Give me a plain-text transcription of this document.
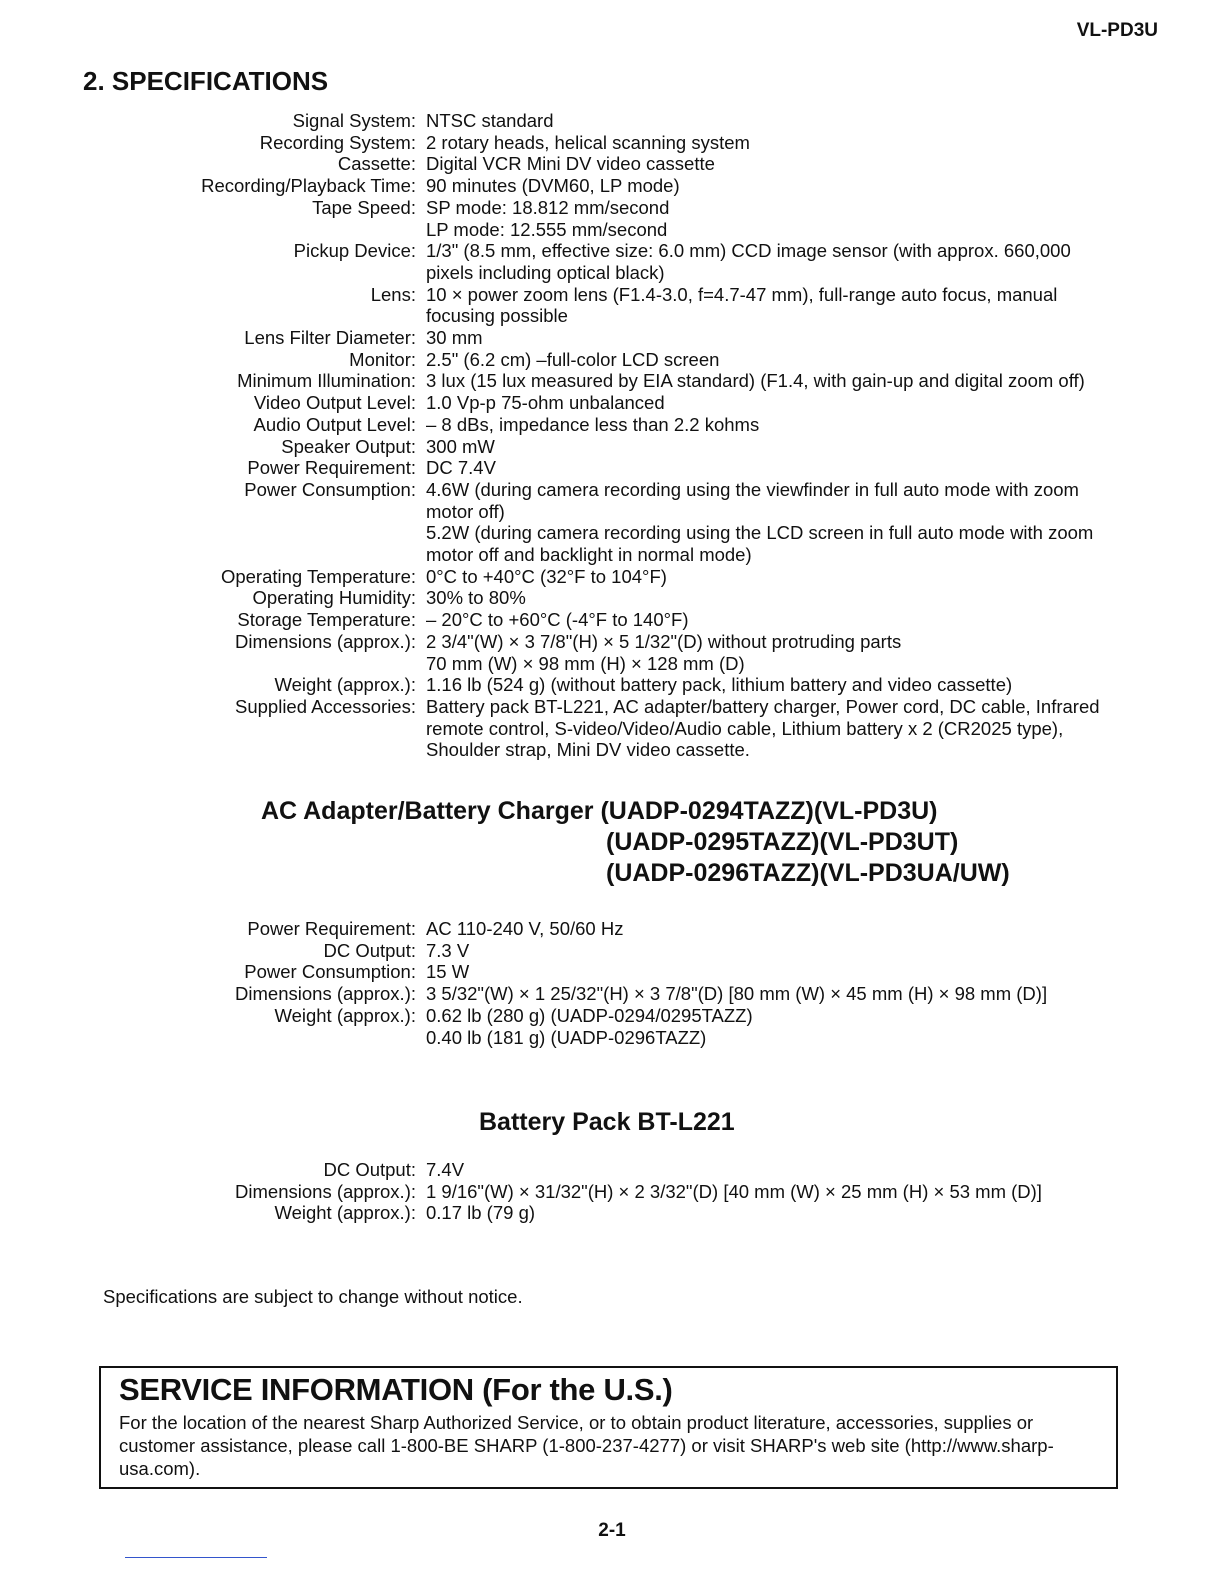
VL-PD3U
2. SPECIFICATIONS
Signal System: NTSC standard
Recording System: 2 rotary heads, helical scanning system
Cassette: Digital VCR Mini DV video cassette
Recording/Playback Time: 90 minutes (DVM60, LP mode)
Tape Speed: SP mode: 18.812 mm/second
LP mode: 12.555 mm/second
Pickup Device: 1/3" (8.5 mm, effective size: 6.0 mm) CCD image sensor (with approx. 660,000 pixels including optical black)
Lens: 10 × power zoom lens (F1.4-3.0, f=4.7-47 mm), full-range auto focus, manual focusing possible
Lens Filter Diameter: 30 mm
Monitor: 2.5" (6.2 cm) –full-color LCD screen
Minimum Illumination: 3 lux (15 lux measured by EIA standard) (F1.4, with gain-up and digital zoom off)
Video Output Level: 1.0 Vp-p 75-ohm unbalanced
Audio Output Level: – 8 dBs, impedance less than 2.2 kohms
Speaker Output: 300 mW
Power Requirement: DC 7.4V
Power Consumption: 4.6W (during camera recording using the viewfinder in full auto mode with zoom motor off)
5.2W (during camera recording using the LCD screen in full auto mode with zoom motor off and backlight in normal mode)
Operating Temperature: 0°C to +40°C (32°F to 104°F)
Operating Humidity: 30% to 80%
Storage Temperature: – 20°C to +60°C (-4°F to 140°F)
Dimensions (approx.): 2 3/4"(W) × 3 7/8"(H) × 5 1/32"(D) without protruding parts
70 mm (W) × 98 mm (H) × 128 mm (D)
Weight (approx.): 1.16 lb (524 g) (without battery pack, lithium battery and video cassette)
Supplied Accessories: Battery pack BT-L221, AC adapter/battery charger, Power cord, DC cable, Infrared remote control, S-video/Video/Audio cable, Lithium battery x 2 (CR2025 type), Shoulder strap, Mini DV video cassette.
AC Adapter/Battery Charger (UADP-0294TAZZ)(VL-PD3U)
(UADP-0295TAZZ)(VL-PD3UT)
(UADP-0296TAZZ)(VL-PD3UA/UW)
Power Requirement: AC 110-240 V, 50/60 Hz
DC Output: 7.3 V
Power Consumption: 15 W
Dimensions (approx.): 3 5/32"(W) × 1 25/32"(H) × 3 7/8"(D) [80 mm (W) × 45 mm (H) × 98 mm (D)]
Weight (approx.): 0.62 lb (280 g) (UADP-0294/0295TAZZ)
0.40 lb (181 g) (UADP-0296TAZZ)
Battery Pack BT-L221
DC Output: 7.4V
Dimensions (approx.): 1 9/16"(W) × 31/32"(H) × 2 3/32"(D) [40 mm (W) × 25 mm (H) × 53 mm (D)]
Weight (approx.): 0.17 lb (79 g)
Specifications are subject to change without notice.
SERVICE INFORMATION (For the U.S.)
For the location of the nearest Sharp Authorized Service, or to obtain product literature, accessories, supplies or customer assistance, please call 1-800-BE SHARP (1-800-237-4277) or visit SHARP's web site (http://www.sharp-usa.com).
2-1
